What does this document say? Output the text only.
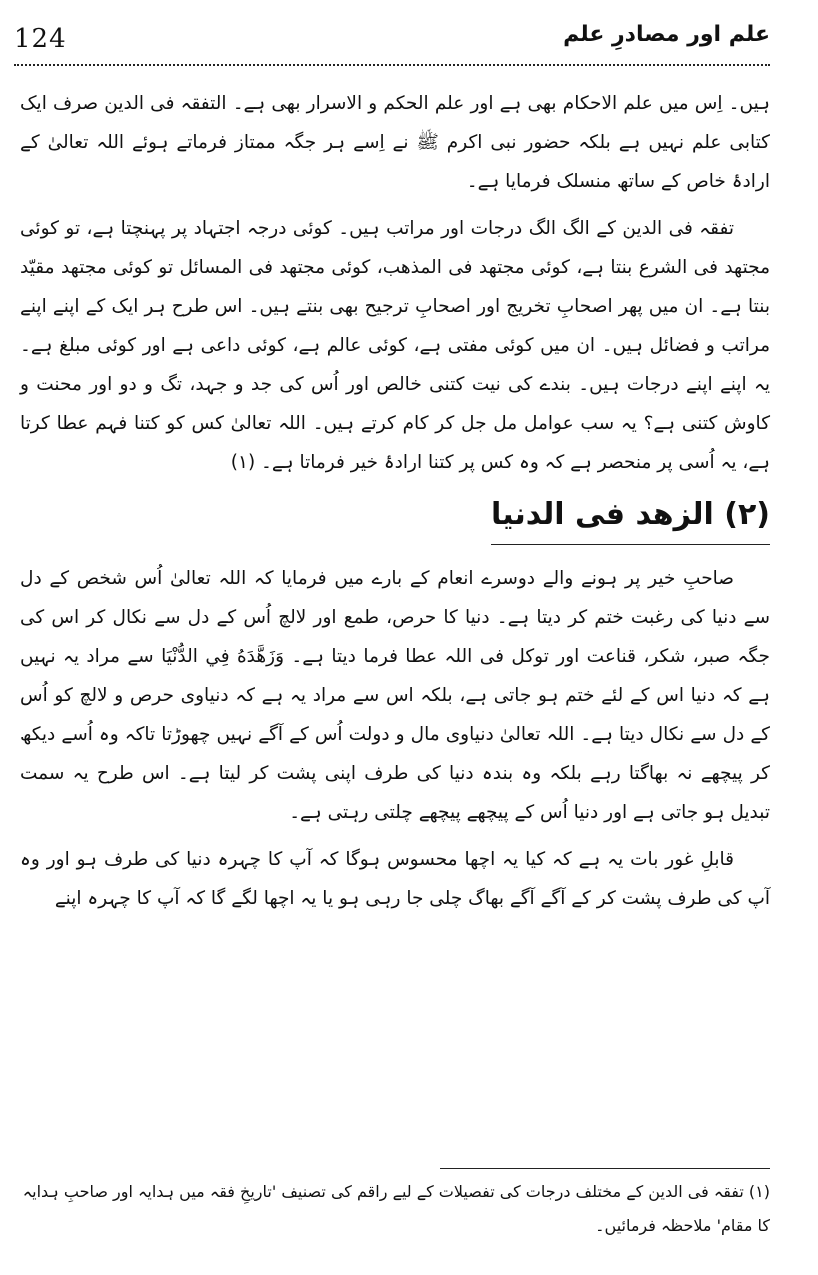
124	علم اور مصادرِ علم

ہیں۔ اِس میں علم الاحکام بھی ہے اور علم الحکم و الاسرار بھی ہے۔ التفقہ فی الدین صرف ایک کتابی علم نہیں ہے بلکہ حضور نبی اکرم ﷺ نے اِسے ہر جگہ ممتاز فرماتے ہوئے اللہ تعالیٰ کے ارادۂ خاص کے ساتھ منسلک فرمایا ہے۔

تفقہ فی الدین کے الگ الگ درجات اور مراتب ہیں۔ کوئی درجہ اجتہاد پر پہنچتا ہے، تو کوئی مجتھد فی الشرع بنتا ہے، کوئی مجتھد فی المذھب، کوئی مجتھد فی المسائل تو کوئی مجتھد مقیّد بنتا ہے۔ ان میں پھر اصحابِ تخریج اور اصحابِ ترجیح بھی بنتے ہیں۔ اس طرح ہر ایک کے اپنے اپنے مراتب و فضائل ہیں۔ ان میں کوئی مفتی ہے، کوئی عالم ہے، کوئی داعی ہے اور کوئی مبلغ ہے۔ یہ اپنے اپنے درجات ہیں۔ بندے کی نیت کتنی خالص اور اُس کی جد و جہد، تگ و دو اور محنت و کاوش کتنی ہے؟ یہ سب عوامل مل جل کر کام کرتے ہیں۔ اللہ تعالیٰ کس کو کتنا فہم عطا کرتا ہے، یہ اُسی پر منحصر ہے کہ وہ کس پر کتنا ارادۂ خیر فرماتا ہے۔ (۱)

(۲) الزهد فی الدنیا

صاحبِ خیر پر ہونے والے دوسرے انعام کے بارے میں فرمایا کہ اللہ تعالیٰ اُس شخص کے دل سے دنیا کی رغبت ختم کر دیتا ہے۔ دنیا کا حرص، طمع اور لالچ اُس کے دل سے نکال کر اس کی جگہ صبر، شکر، قناعت اور توکل فی اللہ عطا فرما دیتا ہے۔ وَزَهَّدَهُ فِي الدُّنْيَا سے مراد یہ نہیں ہے کہ دنیا اس کے لئے ختم ہو جاتی ہے، بلکہ اس سے مراد یہ ہے کہ دنیاوی حرص و لالچ کو اُس کے دل سے نکال دیتا ہے۔ اللہ تعالیٰ دنیاوی مال و دولت اُس کے آگے نہیں چھوڑتا تاکہ وہ اُسے دیکھ کر پیچھے نہ بھاگتا رہے بلکہ وہ بندہ دنیا کی طرف اپنی پشت کر لیتا ہے۔ اس طرح یہ سمت تبدیل ہو جاتی ہے اور دنیا اُس کے پیچھے پیچھے چلتی رہتی ہے۔

قابلِ غور بات یہ ہے کہ کیا یہ اچھا محسوس ہوگا کہ آپ کا چہرہ دنیا کی طرف ہو اور وہ آپ کی طرف پشت کر کے آگے آگے بھاگ چلی جا رہی ہو یا یہ اچھا لگے گا کہ آپ کا چہرہ اپنے

(۱) تفقہ فی الدین کے مختلف درجات کی تفصیلات کے لیے راقم کی تصنیف 'تاریخِ فقہ میں ہدایہ اور صاحبِ ہدایہ کا مقام' ملاحظہ فرمائیں۔
